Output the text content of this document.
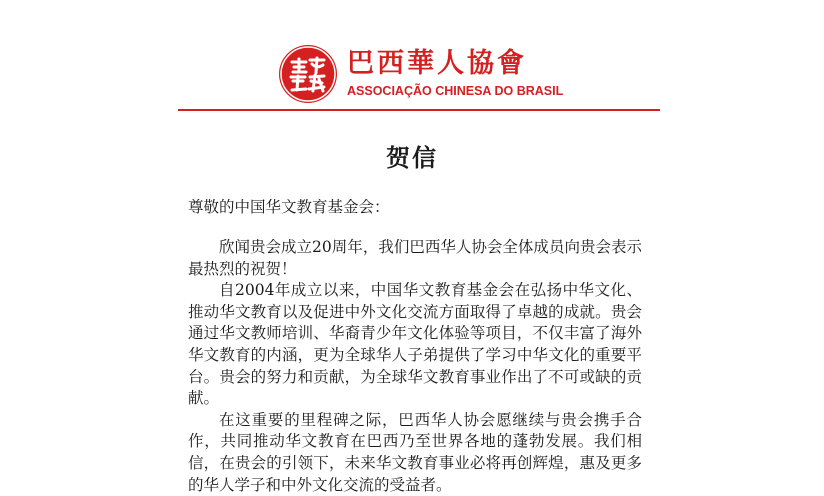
巴西華人協會
ASSOCIAÇÃO CHINESA DO BRASIL
贺信
尊敬的中国华文教育基金会：

欣闻贵会成立20周年，我们巴西华人协会全体成员向贵会表示最热烈的祝贺！

自2004年成立以来，中国华文教育基金会在弘扬中华文化、推动华文教育以及促进中外文化交流方面取得了卓越的成就。贵会通过华文教师培训、华裔青少年文化体验等项目，不仅丰富了海外华文教育的内涵，更为全球华人子弟提供了学习中华文化的重要平台。贵会的努力和贡献，为全球华文教育事业作出了不可或缺的贡献。

在这重要的里程碑之际，巴西华人协会愿继续与贵会携手合作，共同推动华文教育在巴西乃至世界各地的蓬勃发展。我们相信，在贵会的引领下，未来华文教育事业必将再创辉煌，惠及更多的华人学子和中外文化交流的受益者。
